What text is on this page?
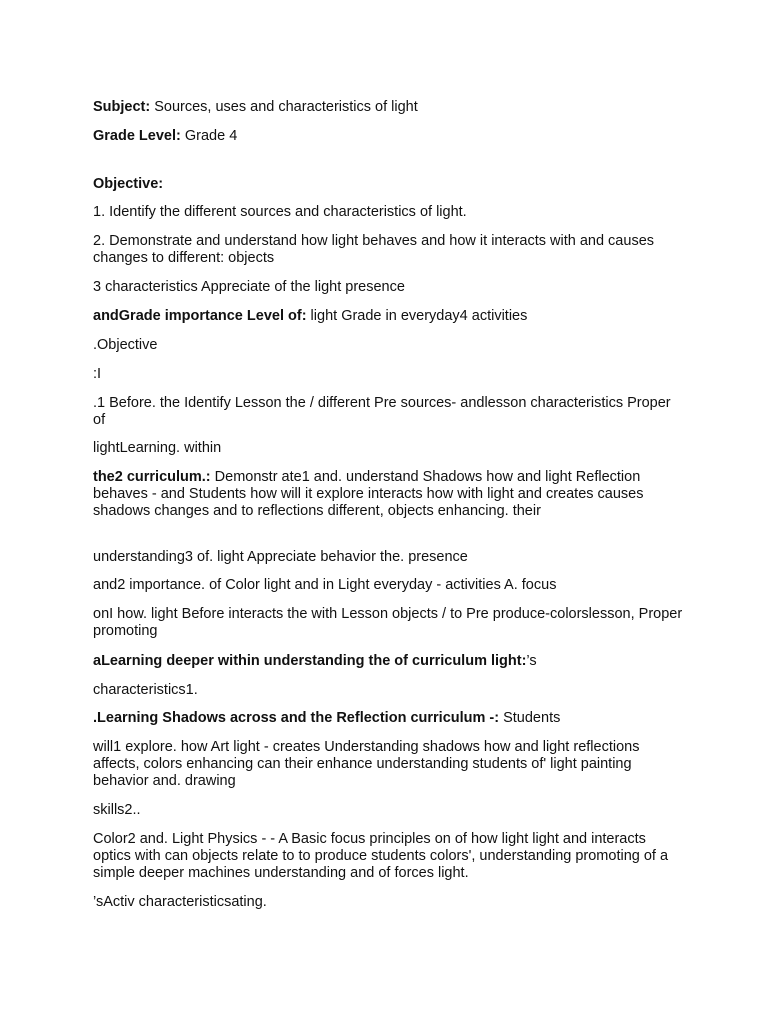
Subject: Sources, uses and characteristics of light

Grade Level: Grade 4

Objective:

1. Identify the different sources and characteristics of light.

2. Demonstrate and understand how light behaves and how it interacts with and causes changes to different: objects

3 characteristics Appreciate of the light presence

andGrade importance Level of: light Grade in everyday4 activities

.Objective

:I

.1 Before. the Identify Lesson the / different Pre sources- andlesson characteristics Proper of

lightLearning. within

the2 curriculum.: Demonstr ate1 and. understand Shadows how and light Reflection behaves - and Students how will it explore interacts how with light and creates causes shadows changes and to reflections different, objects enhancing. their

understanding3 of. light Appreciate behavior the. presence

and2 importance. of Color light and in Light everyday - activities A. focus

onI how. light Before interacts the with Lesson objects / to Pre produce-colorslesson, Proper promoting

aLearning deeper within understanding the of curriculum light:’s

characteristics1.

.Learning Shadows across and the Reflection curriculum -: Students

will1 explore. how Art light - creates Understanding shadows how and light reflections affects, colors enhancing can their enhance understanding students of' light painting behavior and. drawing

skills2..

Color2 and. Light Physics - - A Basic focus principles on of how light light and interacts optics with can objects relate to to produce students colors', understanding promoting of a simple deeper machines understanding and of forces light.

’sActiv characteristicsating.
